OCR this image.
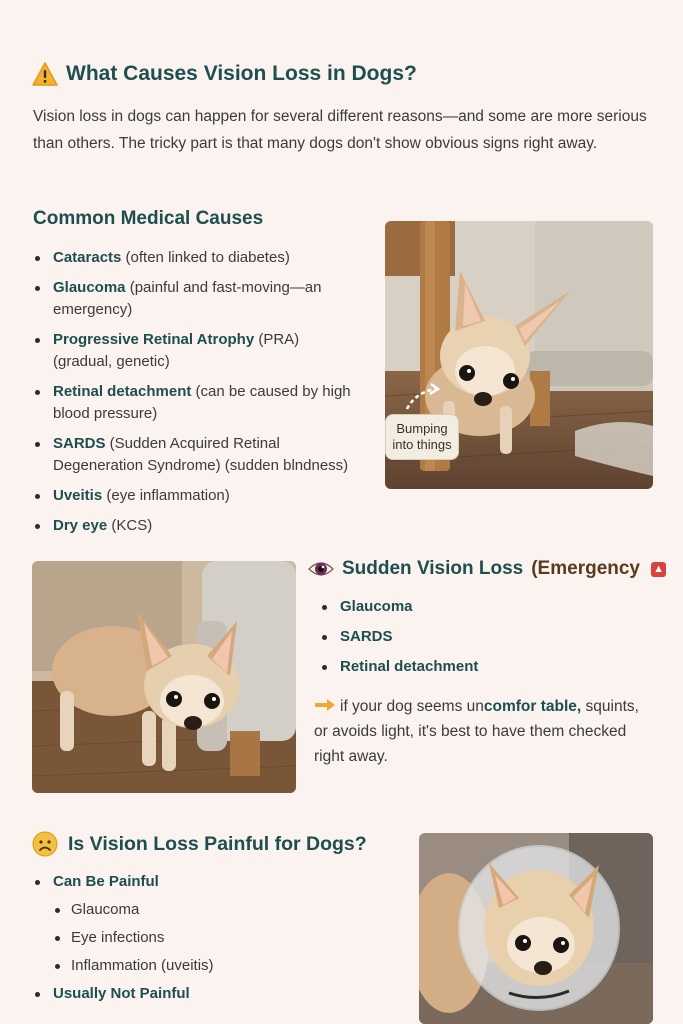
What Causes Vision Loss in Dogs?

Vision loss in dogs can happen for several different reasons—and some are more serious than others. The tricky part is that many dogs don't show obvious signs right away.

Common Medical Causes
Cataracts (often linked to diabetes)
Glaucoma (painful and fast-moving—an emergency)
Progressive Retinal Atrophy (PRA) (gradual, genetic)
Retinal detachment (can be caused by high blood pressure)
SARDS (Sudden Acquired Retinal Degeneration Syndrome) (sudden blndness)
Uveitis (eye inflammation)
Dry eye (KCS)
Bumping into things
Sudden Vision Loss (Emergency ▲
Glaucoma
SARDS
Retinal detachment

if your dog seems uncomfor table, squints, or avoids light, it's best to have them checked right away.

Is Vision Loss Painful for Dogs?
Can Be Painful
Glaucoma
Eye infections
Inflammation (uveitis)
Usually Not Painful
